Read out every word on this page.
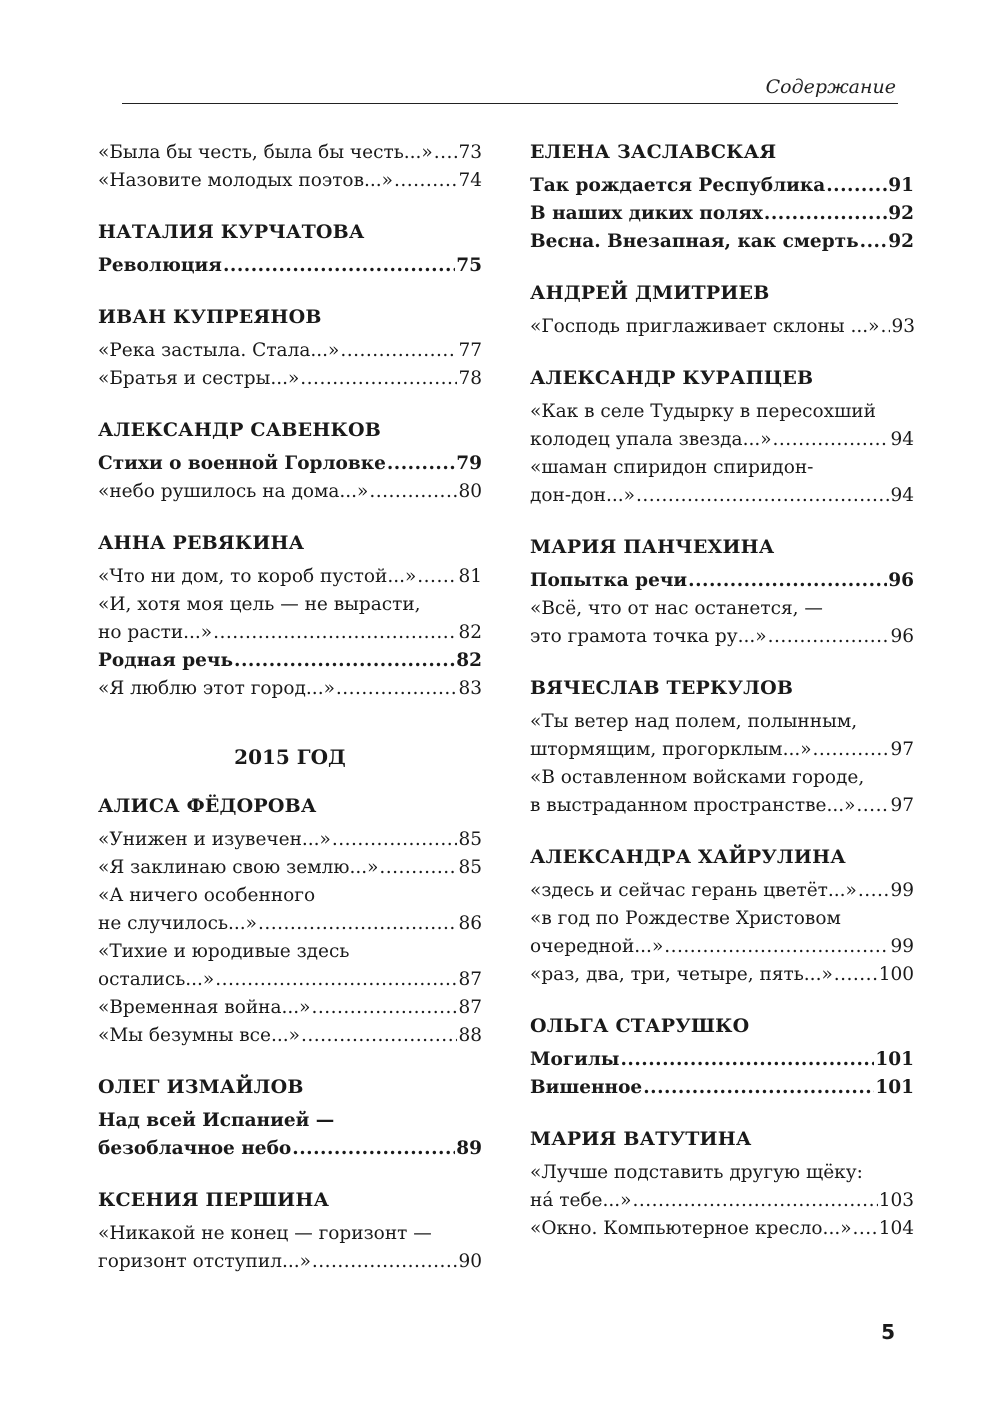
Содержание
«Была бы честь, была бы честь...» ..... 73
«Назовите молодых поэтов...» .....	74
НАТАЛИЯ КУРЧАТОВА
Революция .....	75
ИВАН КУПРЕЯНОВ
«Река застыла. Стала...» .....	77
«Братья и сестры...» .....	78
АЛЕКСАНДР САВЕНКОВ
Стихи о военной Горловке .....	79
«небо рушилось на дома...» .....	80
АННА РЕВЯКИНА
«Что ни дом, то короб пустой...» ..... 81
«И, хотя моя цель — не вырасти,
но расти...» .....	82
Родная речь .....	82
«Я люблю этот город...» .....	83
2015 ГОД
АЛИСА ФЁДОРОВА
«Унижен и изувечен...» .....	85
«Я заклинаю свою землю...» .....	85
«А ничего особенного
не случилось...» .....	86
«Тихие и юродивые здесь
остались...» .....	87
«Временная война...» .....	87
«Мы безумны все...» .....	88
ОЛЕГ ИЗМАЙЛОВ
Над всей Испанией —
безоблачное небо .....	89
КСЕНИЯ ПЕРШИНА
«Никакой не конец — горизонт —
горизонт отступил...» .....	90
ЕЛЕНА ЗАСЛАВСКАЯ
Так рождается Республика .....	91
В наших диких полях .....	92
Весна. Внезапная, как смерть ..... 92
АНДРЕЙ ДМИТРИЕВ
«Господь приглаживает склоны ...» ..... 93
АЛЕКСАНДР КУРАПЦЕВ
«Как в селе Тудырку в пересохший
колодец упала звезда...» .....	94
«шаман спиридон спиридон-
дон-дон...» .....	94
МАРИЯ ПАНЧЕХИНА
Попытка речи .....	96
«Всё, что от нас останется, —
это грамота точка ру...» .....	96
ВЯЧЕСЛАВ ТЕРКУЛОВ
«Ты ветер над полем, полынным,
штормящим, прогорклым...» .....	97
«В оставленном войсками городе,
в выстраданном пространстве...» ..... 97
АЛЕКСАНДРА ХАЙРУЛИНА
«здесь и сейчас герань цветёт...» ..... 99
«в год по Рождестве Христовом
очередной...» .....	99
«раз, два, три, четыре, пять...» ..... 100
ОЛЬГА СТАРУШКО
Могилы .....	101
Вишенное .....	101
МАРИЯ ВАТУТИНА
«Лучше подставить другую щёку:
на́ тебе...» .....	103
«Окно. Компьютерное кресло...» ..... 104
5
